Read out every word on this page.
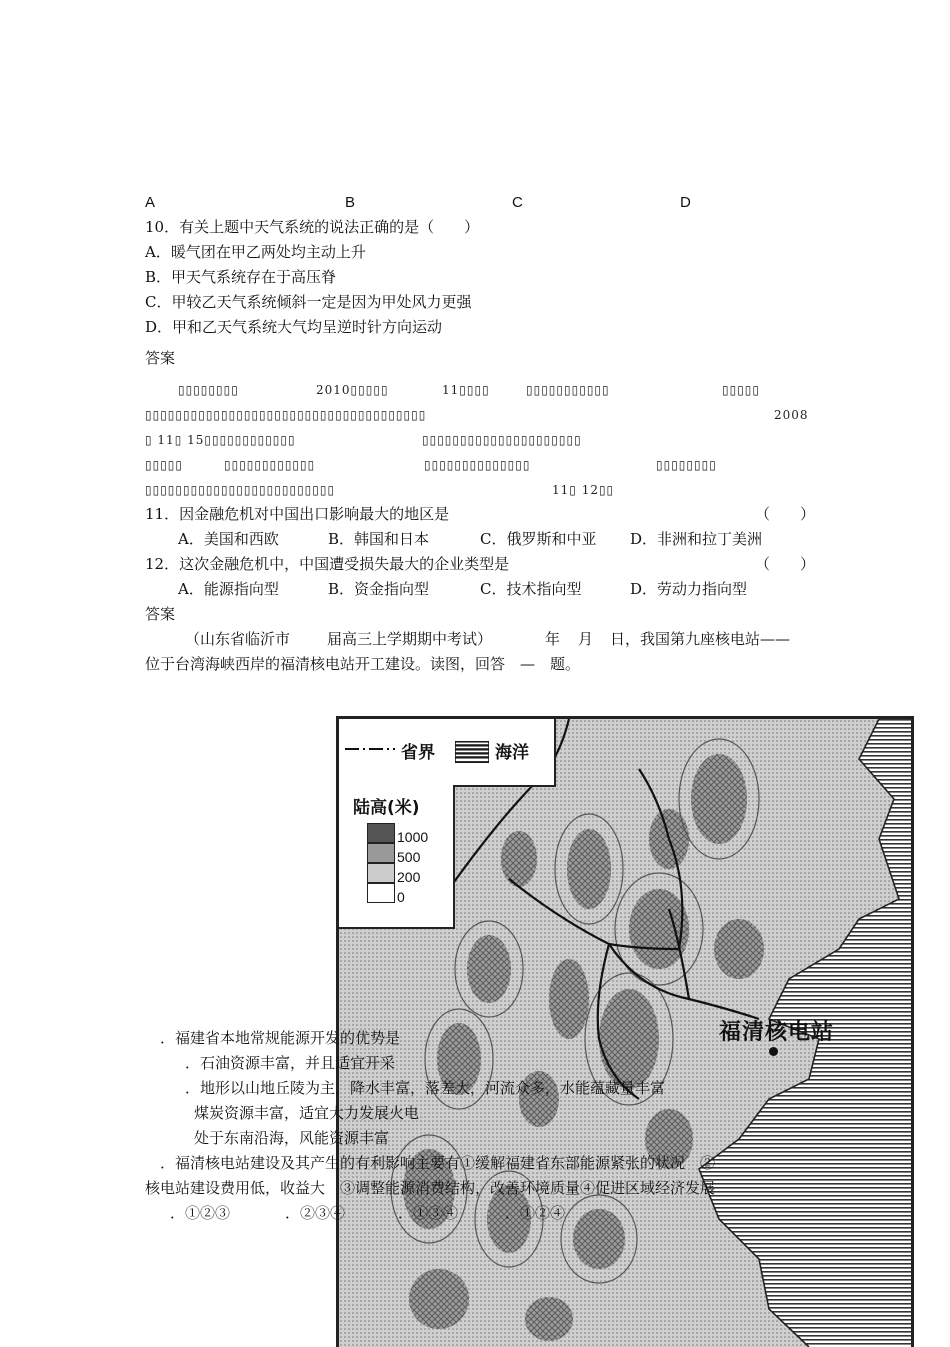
A	B	C	D
10．有关上题中天气系统的说法正确的是（　　）
A．暖气团在甲乙两处均主动上升
B．甲天气系统存在于高压脊
C．甲较乙天气系统倾斜一定是因为甲处风力更强
D．甲和乙天气系统大气均呈逆时针方向运动
答案
▯▯▯▯▯▯▯▯	2010▯▯▯▯▯	11▯▯▯▯	▯▯▯▯▯▯▯▯▯▯▯	▯▯▯▯▯
▯▯▯▯▯▯▯▯▯▯▯▯▯▯▯▯▯▯▯▯▯▯▯▯▯▯▯▯▯▯▯▯▯▯▯▯▯	2008
▯ 11▯ 15▯▯▯▯▯▯▯▯▯▯▯▯	▯▯▯▯▯▯▯▯▯▯▯▯▯▯▯▯▯▯▯▯▯
▯▯▯▯▯	▯▯▯▯▯▯▯▯▯▯▯▯	▯▯▯▯▯▯▯▯▯▯▯▯▯▯	▯▯▯▯▯▯▯▯
▯▯▯▯▯▯▯▯▯▯▯▯▯▯▯▯▯▯▯▯▯▯▯▯▯	11▯ 12▯▯
11．因金融危机对中国出口影响最大的地区是	（　　）
A．美国和西欧	B．韩国和日本	C．俄罗斯和中亚 D．非洲和拉丁美洲
12．这次金融危机中，中国遭受损失最大的企业类型是	（　　）
A．能源指向型	B．资金指向型	C．技术指向型	D．劳动力指向型
答案
（山东省临沂市 届高三上学期期中考试）	年 月 日，我国第九座核电站——
位于台湾海峡西岸的福清核电站开工建设。读图，回答　—　题。
省界	海洋
陆高(米)
1000
500
200
0
福清核电站
．福建省本地常规能源开发的优势是
．石油资源丰富，并且适宜开采
．地形以山地丘陵为主，降水丰富，落差大，河流众多，水能蕴藏量丰富
煤炭资源丰富，适宜大力发展火电
处于东南沿海，风能资源丰富
．福清核电站建设及其产生的有利影响主要有①缓解福建省东部能源紧张的状况　②
核电站建设费用低，收益大　③调整能源消费结构，改善环境质量④促进区域经济发展
．①②③	．②③④	．①③④	．①②④
